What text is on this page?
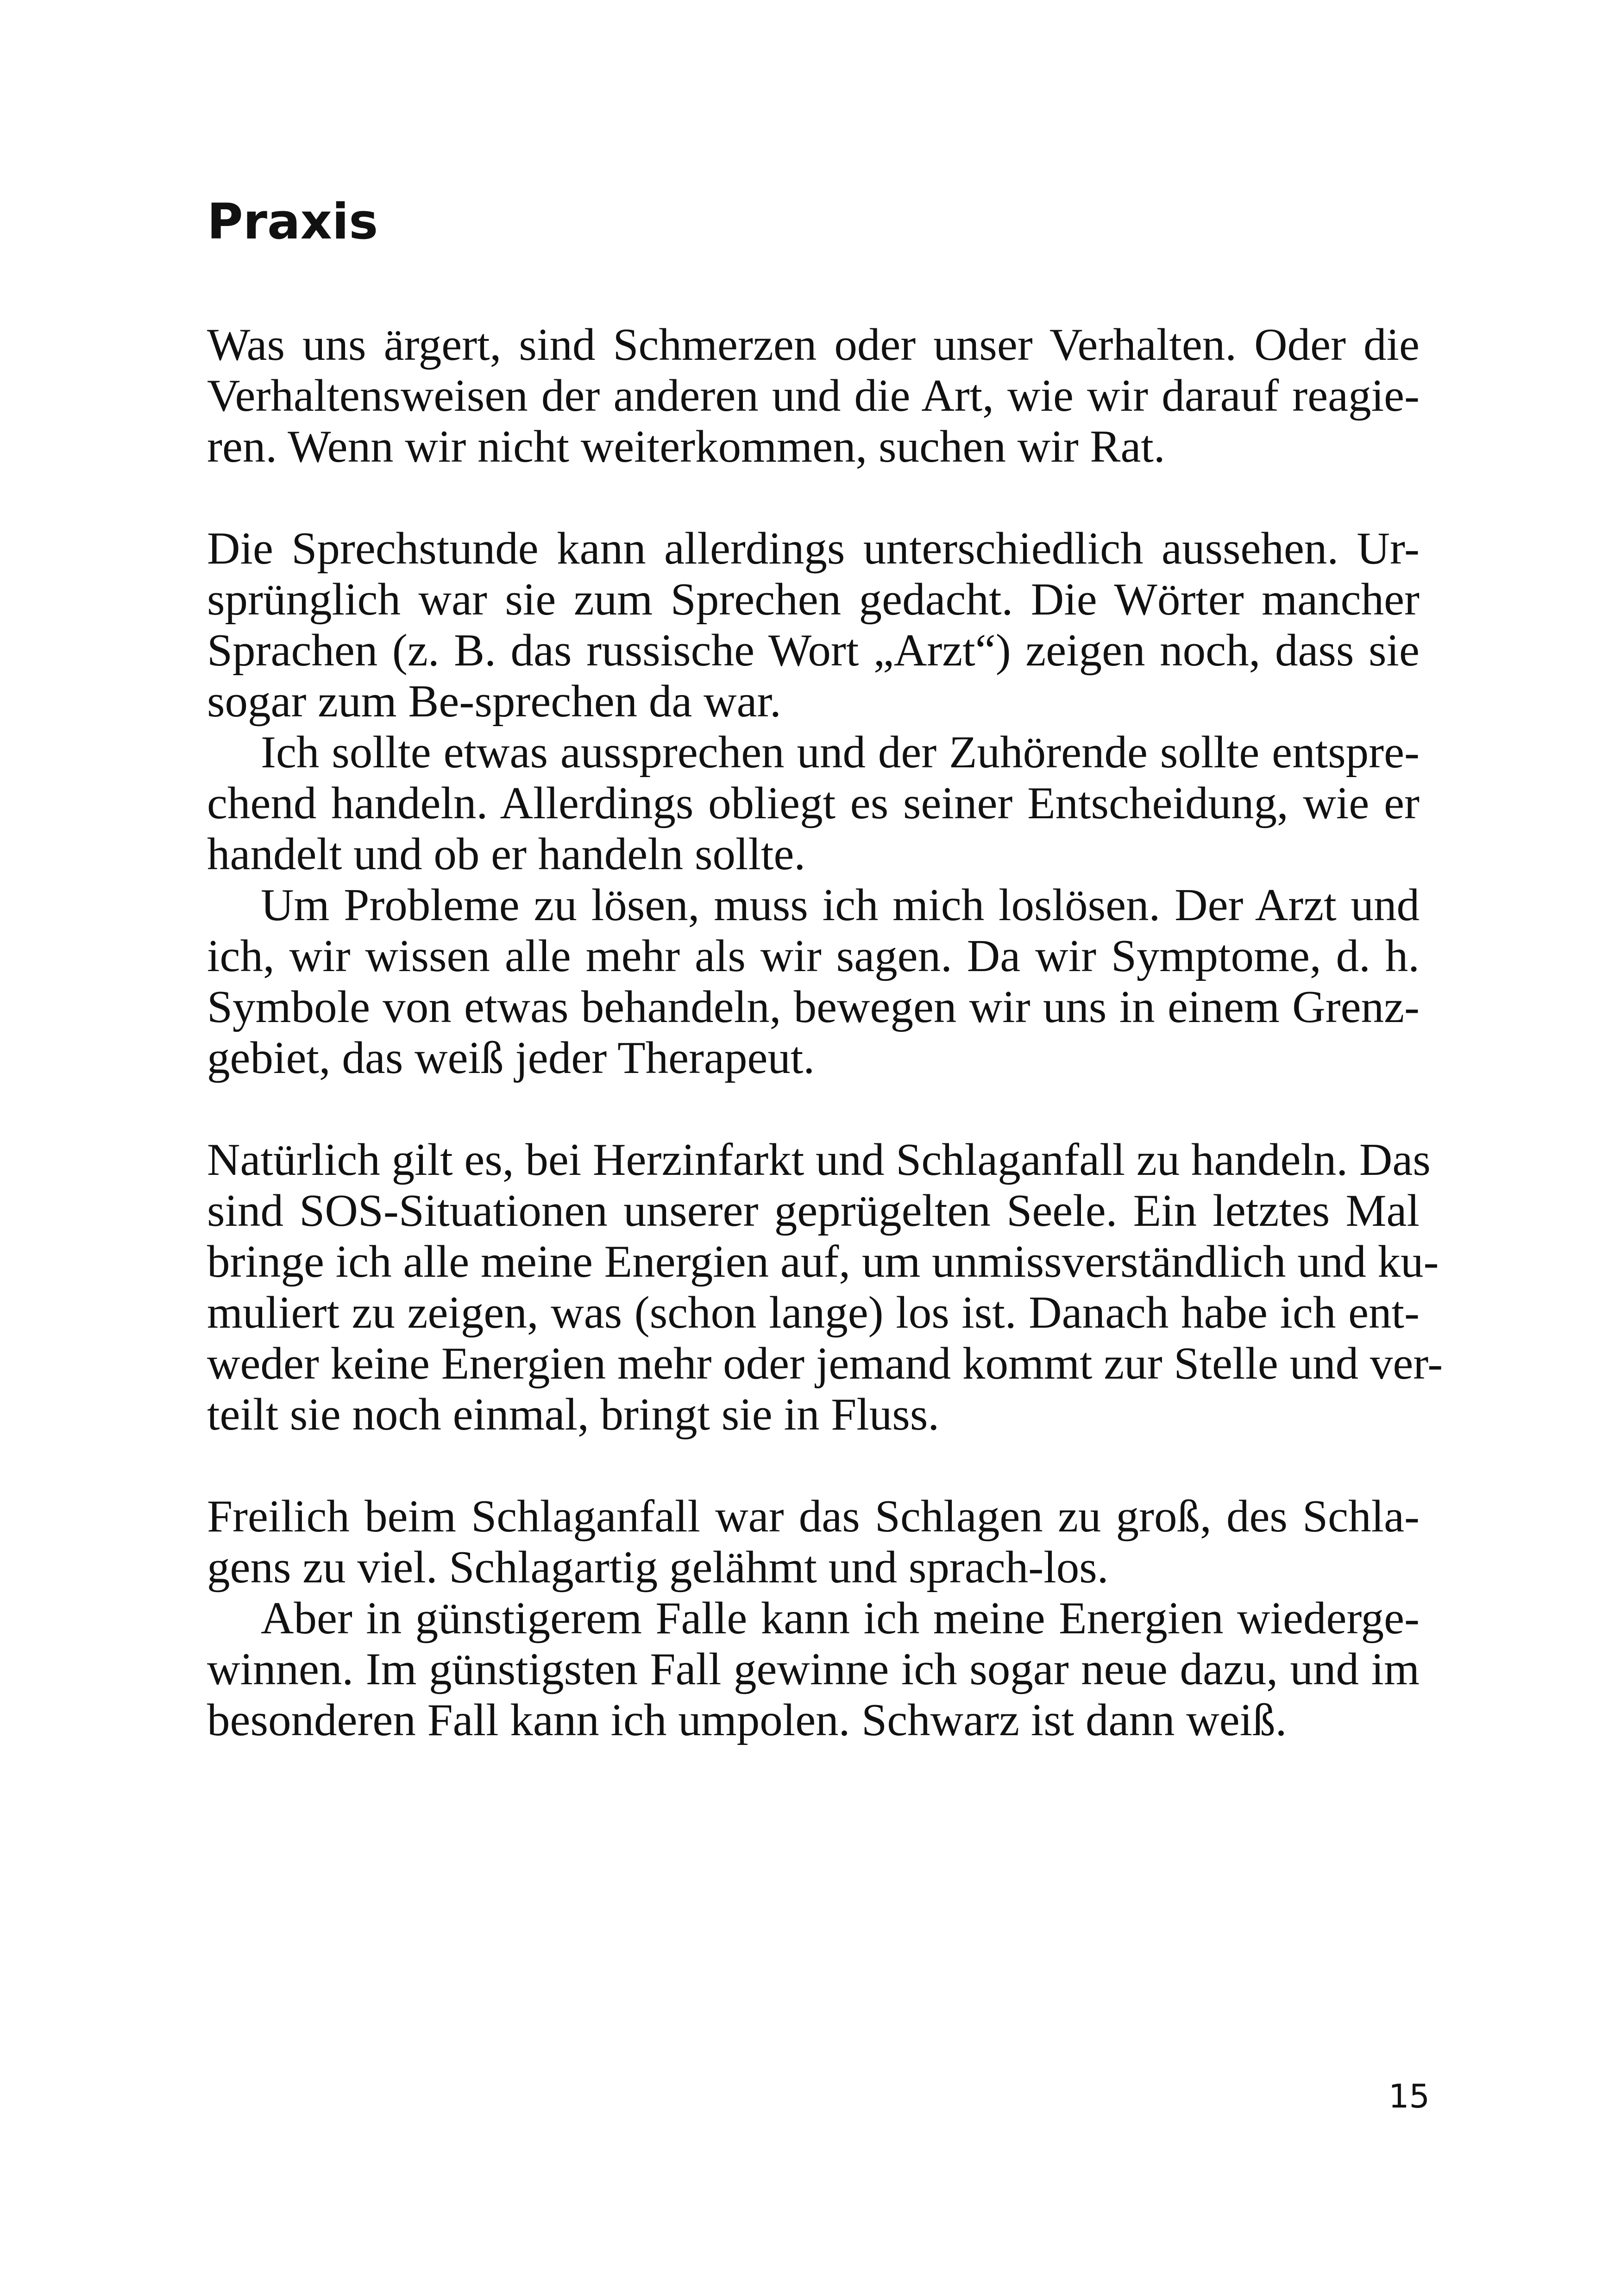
Praxis
Was uns ärgert, sind Schmerzen oder unser Verhalten. Oder die
Verhaltensweisen der anderen und die Art, wie wir darauf reagie-
ren. Wenn wir nicht weiterkommen, suchen wir Rat.
Die Sprechstunde kann allerdings unterschiedlich aussehen. Ur-
sprünglich war sie zum Sprechen gedacht. Die Wörter mancher
Sprachen (z. B. das russische Wort „Arzt“) zeigen noch, dass sie
sogar zum Be-sprechen da war.
Ich sollte etwas aussprechen und der Zuhörende sollte entspre-
chend handeln. Allerdings obliegt es seiner Entscheidung, wie er
handelt und ob er handeln sollte.
Um Probleme zu lösen, muss ich mich loslösen. Der Arzt und
ich, wir wissen alle mehr als wir sagen. Da wir Symptome, d. h.
Symbole von etwas behandeln, bewegen wir uns in einem Grenz-
gebiet, das weiß jeder Therapeut.
Natürlich gilt es, bei Herzinfarkt und Schlaganfall zu handeln. Das
sind SOS-Situationen unserer geprügelten Seele. Ein letztes Mal
bringe ich alle meine Energien auf, um unmissverständlich und ku-
muliert zu zeigen, was (schon lange) los ist. Danach habe ich ent-
weder keine Energien mehr oder jemand kommt zur Stelle und ver-
teilt sie noch einmal, bringt sie in Fluss.
Freilich beim Schlaganfall war das Schlagen zu groß, des Schla-
gens zu viel. Schlagartig gelähmt und sprach-los.
Aber in günstigerem Falle kann ich meine Energien wiederge-
winnen. Im günstigsten Fall gewinne ich sogar neue dazu, und im
besonderen Fall kann ich umpolen. Schwarz ist dann weiß.
15
